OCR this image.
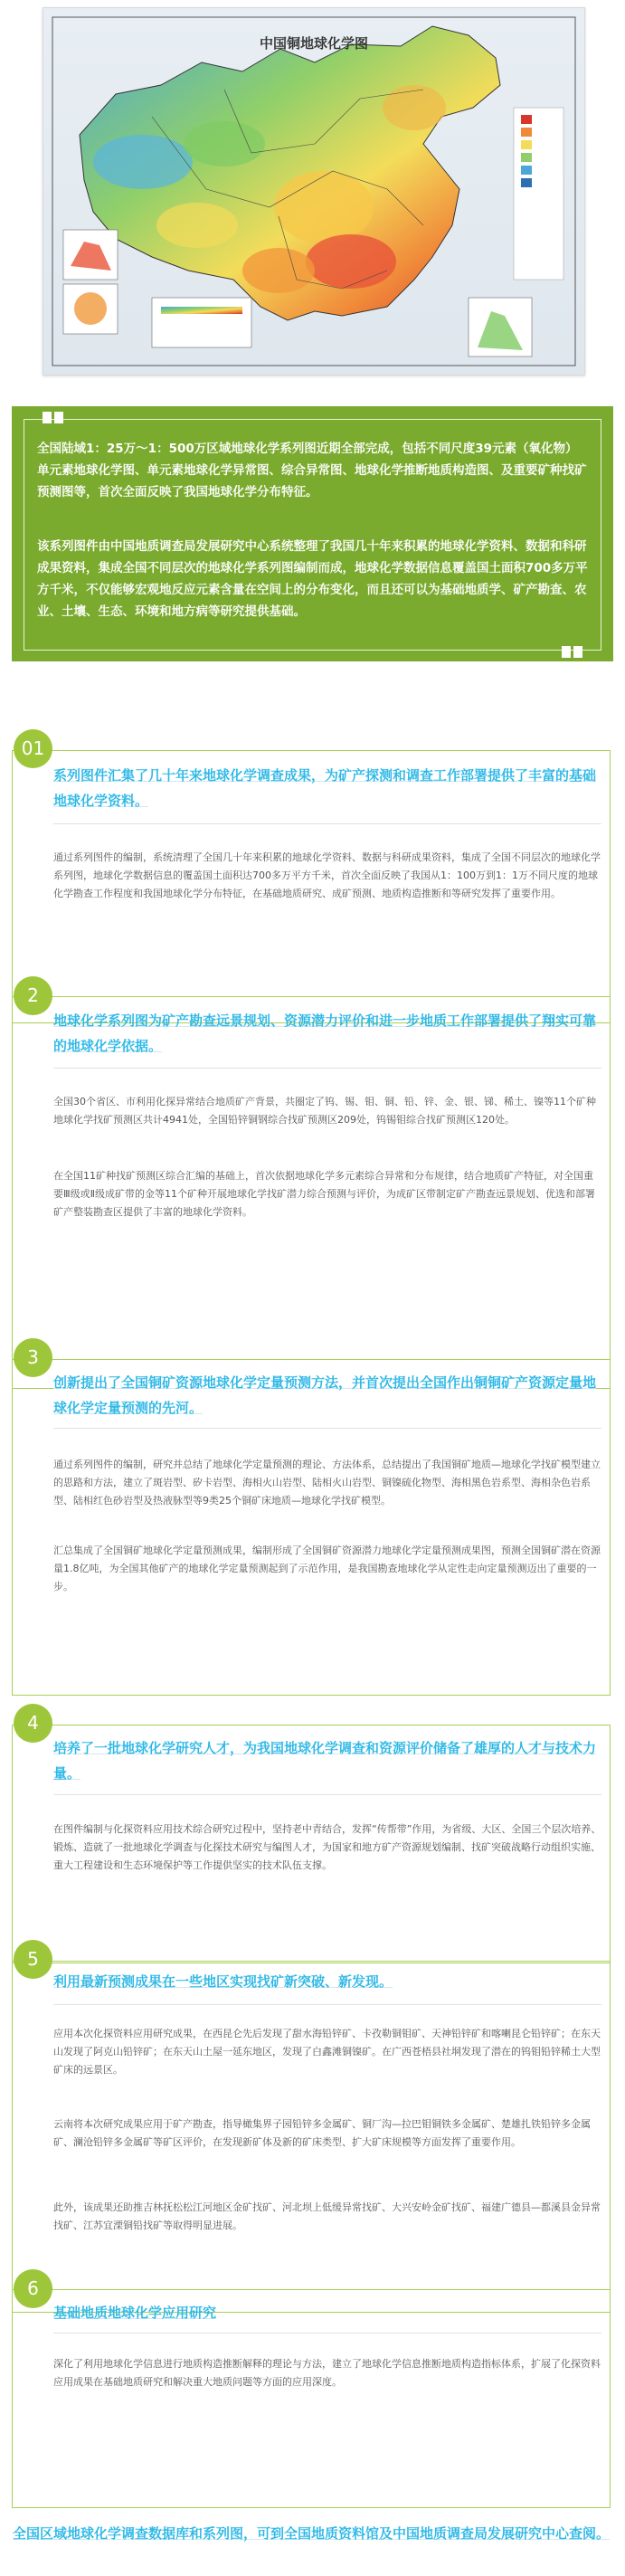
中国铜地球化学图

全国陆域1：25万～1：500万区域地球化学系列图近期全部完成，包括不同尺度39元素（氧化物）单元素地球化学图、单元素地球化学异常图、综合异常图、地球化学推断地质构造图、及重要矿种找矿预测图等，首次全面反映了我国地球化学分布特征。

该系列图件由中国地质调查局发展研究中心系统整理了我国几十年来积累的地球化学资料、数据和科研成果资料，集成全国不同层次的地球化学系列图编制而成，地球化学数据信息覆盖国土面积700多万平方千米，不仅能够宏观地反应元素含量在空间上的分布变化，而且还可以为基础地质学、矿产勘查、农业、土壤、生态、环境和地方病等研究提供基础。

01
系列图件汇集了几十年来地球化学调查成果，为矿产探测和调查工作部署提供了丰富的基础地球化学资料。

通过系列图件的编制，系统清理了全国几十年来积累的地球化学资料、数据与科研成果资料，集成了全国不同层次的地球化学系列图，地球化学数据信息的覆盖国土面积达700多万平方千米，首次全面反映了我国从1：100万到1：1万不同尺度的地球化学勘查工作程度和我国地球化学分布特征，在基础地质研究、成矿预测、地质构造推断和等研究发挥了重要作用。

2
地球化学系列图为矿产勘查远景规划、资源潜力评价和进一步地质工作部署提供了翔实可靠的地球化学依据。

全国30个省区、市利用化探异常结合地质矿产背景，共圈定了钨、锡、钼、铜、铅、锌、金、银、锑、稀土、镍等11个矿种地球化学找矿预测区共计4941处，全国铅锌铜钢综合找矿预测区209处，钨锡钼综合找矿预测区120处。

在全国11矿种找矿预测区综合汇编的基础上，首次依据地球化学多元素综合异常和分布规律，结合地质矿产特征，对全国重要Ⅲ级或Ⅱ级成矿带的金等11个矿种开展地球化学找矿潜力综合预测与评价，为成矿区带制定矿产勘查远景规划、优选和部署矿产整装勘查区提供了丰富的地球化学资料。

3
创新提出了全国铜矿资源地球化学定量预测方法，并首次提出全国作出铜铜矿产资源定量地球化学定量预测的先河。

通过系列图件的编制，研究并总结了地球化学定量预测的理论、方法体系，总结提出了我国铜矿地质—地球化学找矿模型建立的思路和方法，建立了斑岩型、矽卡岩型、海相火山岩型、陆相火山岩型、铜镍硫化物型、海相黑色岩系型、海相杂色岩系型、陆相红色砂岩型及热液脉型等9类25个铜矿床地质—地球化学找矿模型。

汇总集成了全国铜矿地球化学定量预测成果，编制形成了全国铜矿资源潜力地球化学定量预测成果图，预测全国铜矿潜在资源量1.8亿吨，为全国其他矿产的地球化学定量预测起到了示范作用，是我国勘查地球化学从定性走向定量预测迈出了重要的一步。

4
培养了一批地球化学研究人才，为我国地球化学调查和资源评价储备了雄厚的人才与技术力量。

在图件编制与化探资料应用技术综合研究过程中，坚持老中青结合，发挥“传帮带”作用，为省级、大区、全国三个层次培养、锻炼、造就了一批地球化学调查与化探技术研究与编图人才，为国家和地方矿产资源规划编制、找矿突破战略行动组织实施、重大工程建设和生态环境保护等工作提供坚实的技术队伍支撑。

5
利用最新预测成果在一些地区实现找矿新突破、新发现。

应用本次化探资料应用研究成果，在西昆仑先后发现了甜水海铅锌矿、卡孜勒铜钼矿、天神铅锌矿和喀喇昆仑铅锌矿；在东天山发现了阿克山铅锌矿；在东天山土屋一延东地区，发现了白鑫滩铜镍矿。在广西苍梧县社垌发现了潜在的钨钼铅锌稀土大型矿床的远景区。

云南将本次研究成果应用于矿产勘查，指导橄集界子园铅锌多金属矿、铜厂沟—拉巴钼铜铁多金属矿、楚雄扎铁铅锌多金属矿、澜沧铅锌多金属矿等矿区评价，在发现新矿体及新的矿床类型、扩大矿床规模等方面发挥了重要作用。

此外，该成果还助推吉林抚松松江河地区金矿找矿、河北坝上低缓异常找矿、大兴安岭金矿找矿、福建广德县—都溪县金异常找矿、江苏宜溧铜铅找矿等取得明显进展。

6
基础地质地球化学应用研究

深化了利用地球化学信息进行地质构造推断解释的理论与方法，建立了地球化学信息推断地质构造指标体系，扩展了化探资料应用成果在基础地质研究和解决重大地质问题等方面的应用深度。

全国区域地球化学调查数据库和系列图，可到全国地质资料馆及中国地质调查局发展研究中心查阅。
